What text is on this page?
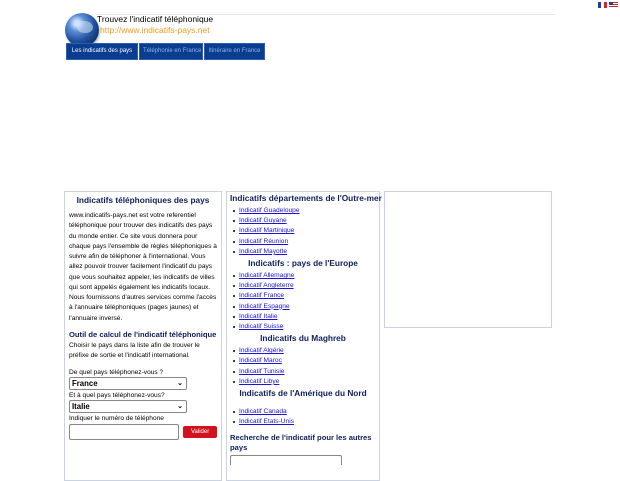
Trouvez l'indicatif téléphonique
http://www.indicatifs-pays.net
Les indicatifs des pays	Téléphonie en France	Itinéraire en France
Indicatifs téléphoniques des pays

www.indicatifs-pays.net est votre referentiel téléphonique pour trouver des indicatifs des pays du monde entier. Ce site vous donnera pour chaque pays l'ensemble de règles téléphoniques à suivre afin de téléphoner à l'international. Vous allez pouvoir trouver facilement l'indicatif du pays que vous souhaitez appeler, les indicatifs de villes qui sont appelés également les indicatifs locaux. Nous fournissons d'autres services comme l'accès à l'annuaire téléphoniques (pages jaunes) et l'annuaire inversé.

Outil de calcul de l'indicatif téléphonique

Choisir le pays dans la liste afin de trouver le préfixe de sortie et l'indicatif international.

De quel pays téléphonez-vous ?

France	⌄

Et à quel pays téléphonez-vous?

Italie	⌄

Indiquer le numéro de téléphone

Valider
Indicatifs départements de l'Outre-mer
Indicatif Guadeloupe
Indicatif Guyane
Indicatif Martinique
Indicatif Réunion
Indicatif Mayotte
Indicatifs : pays de l'Europe
Indicatif Allemagne
Indicatif Angleterre
Indicatif France
Indicatif Espagne
Indicatif Italie
Indicatif Suisse
Indicatifs du Maghreb
Indicatif Algérie
Indicatif Maroc
Indicatif Tunisie
Indicatif Libye
Indicatifs de l'Amérique du Nord
Indicatif Canada
Indicatif Etats-Unis
Recherche de l'indicatif pour les autres pays
